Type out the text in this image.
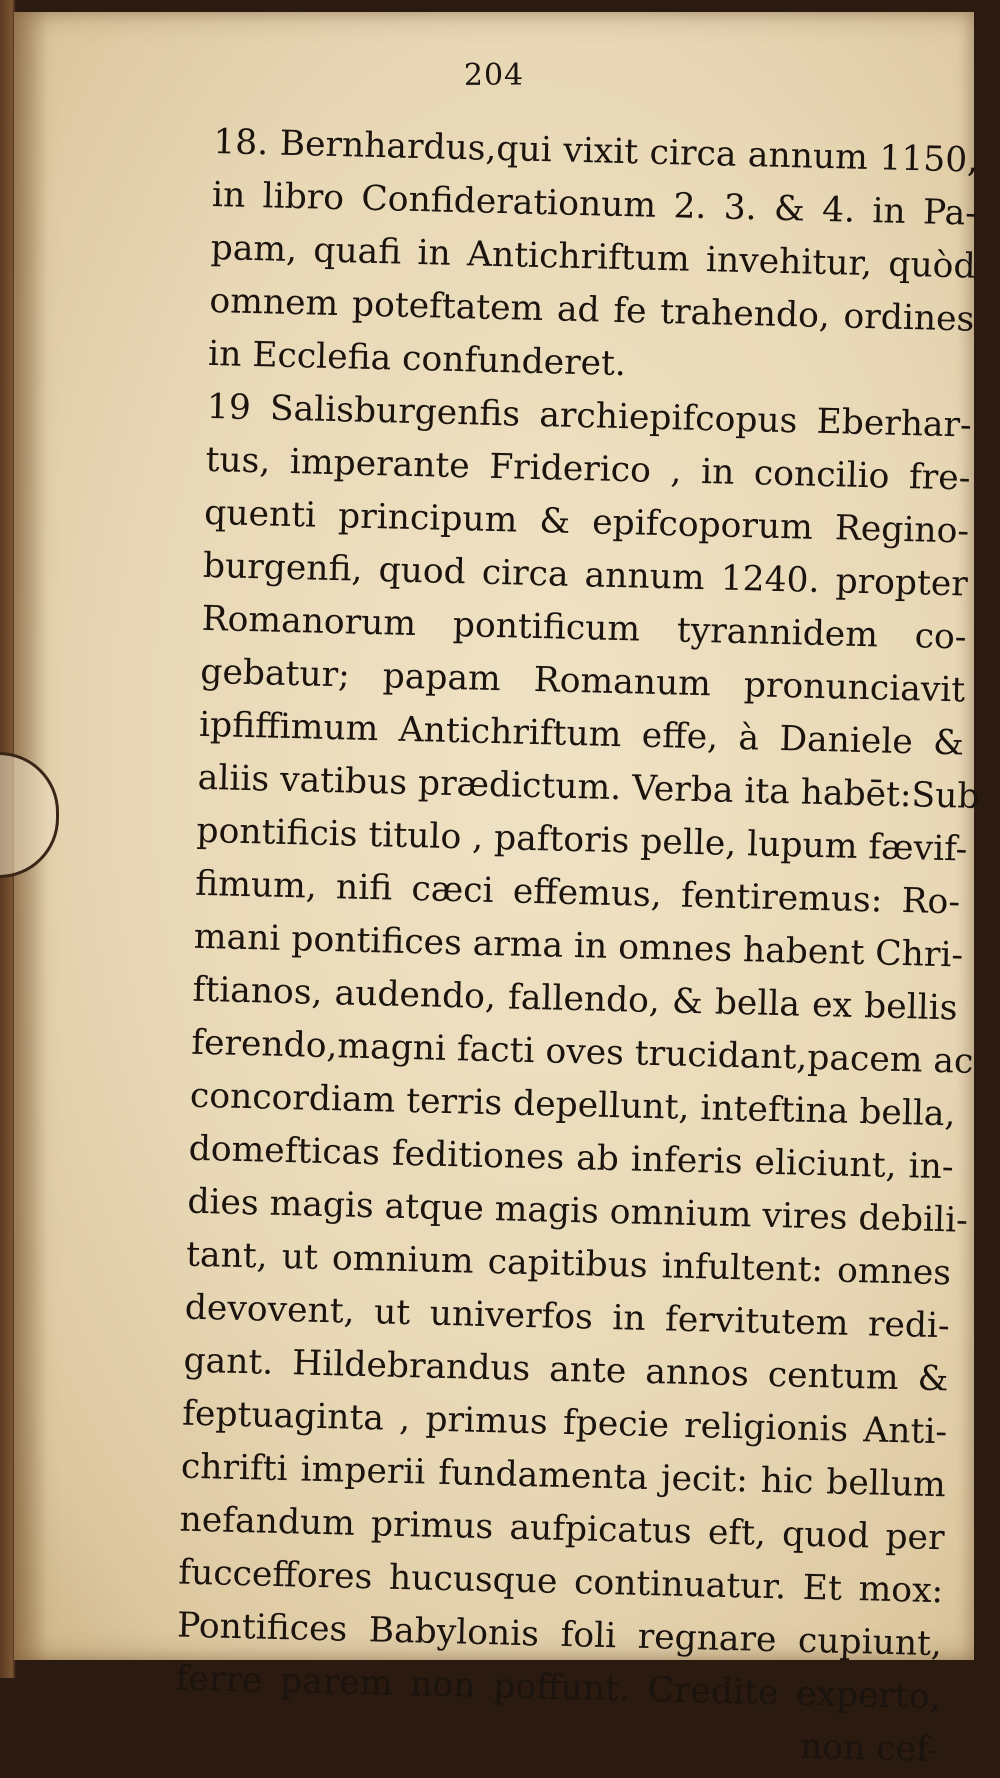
204
18. Bernhardus,qui vixit circa annum 1150,
in libro Confiderationum 2. 3. & 4. in Pa-
pam, quafi in Antichriftum invehitur, quòd
omnem poteftatem ad fe trahendo, ordines
in Ecclefia confunderet.
19 Salisburgenfis archiepifcopus Eberhar-
tus, imperante Friderico , in concilio fre-
quenti principum & epifcoporum Regino-
burgenfi, quod circa annum 1240. propter
Romanorum pontificum tyrannidem co-
gebatur; papam Romanum pronunciavit
ipfiffimum Antichriftum effe, à Daniele &
aliis vatibus prædictum. Verba ita habēt:Sub
pontificis titulo , paftoris pelle, lupum fævif-
fimum, nifi cæci effemus, fentiremus: Ro-
mani pontifices arma in omnes habent Chri-
ftianos, audendo, fallendo, & bella ex bellis
ferendo,magni facti oves trucidant,pacem ac
concordiam terris depellunt, inteftina bella,
domefticas feditiones ab inferis eliciunt, in-
dies magis atque magis omnium vires debili-
tant, ut omnium capitibus infultent: omnes
devovent, ut univerfos in fervitutem redi-
gant. Hildebrandus ante annos centum &
feptuaginta , primus fpecie religionis Anti-
chrifti imperii fundamenta jecit: hic bellum
nefandum primus aufpicatus eft, quod per
fucceffores hucusque continuatur. Et mox:
Pontifices Babylonis foli regnare cupiunt,
ferre parem non poffunt. Credite experto,
non cef-
